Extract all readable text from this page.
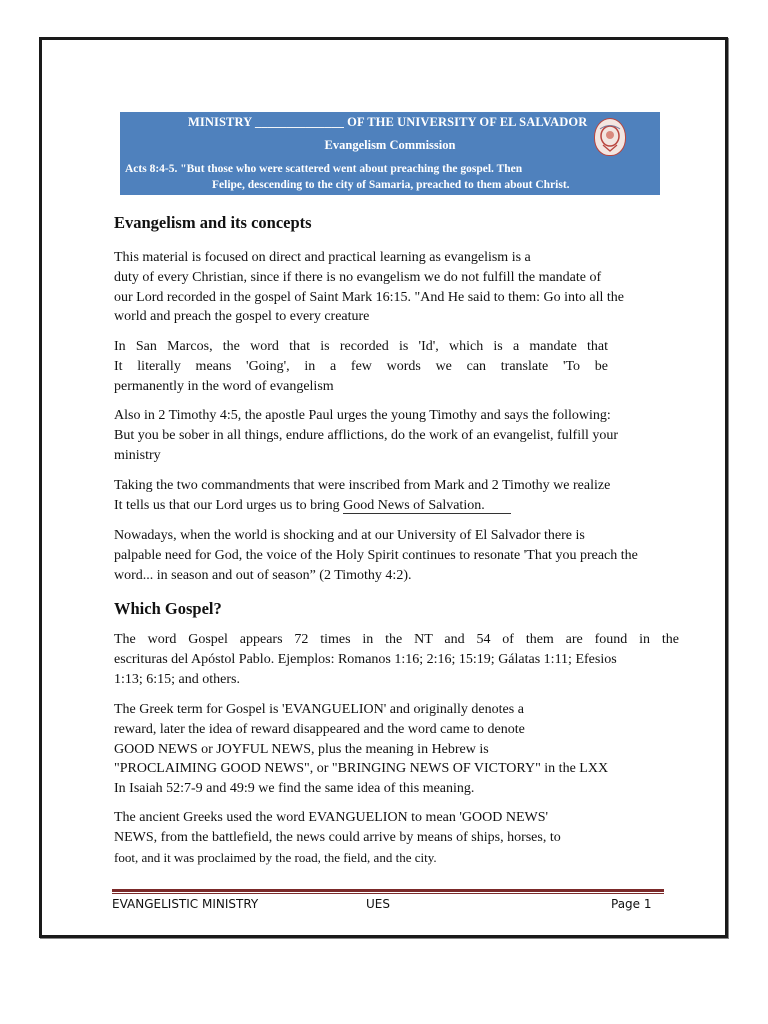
MINISTRY ______________ OF THE UNIVERSITY OF EL SALVADOR
Evangelism Commission
Acts 8:4-5. "But those who were scattered went about preaching the gospel. Then
Felipe, descending to the city of Samaria, preached to them about Christ.
Evangelism and its concepts
This material is focused on direct and practical learning as evangelism is a
duty of every Christian, since if there is no evangelism we do not fulfill the mandate of
our Lord recorded in the gospel of Saint Mark 16:15. "And He said to them: Go into all the
world and preach the gospel to every creature
In San Marcos, the word that is recorded is 'Id', which is a mandate that
It literally means 'Going', in a few words we can translate 'To be
permanently in the word of evangelism
Also in 2 Timothy 4:5, the apostle Paul urges the young Timothy and says the following:
But you be sober in all things, endure afflictions, do the work of an evangelist, fulfill your
ministry
Taking the two commandments that were inscribed from Mark and 2 Timothy we realize
It tells us that our Lord urges us to bring Good News of Salvation.
Nowadays, when the world is shocking and at our University of El Salvador there is
palpable need for God, the voice of the Holy Spirit continues to resonate 'That you preach the
word... in season and out of season” (2 Timothy 4:2).
Which Gospel?
The word Gospel appears 72 times in the NT and 54 of them are found in the
escrituras del Apóstol Pablo. Ejemplos: Romanos 1:16; 2:16; 15:19; Gálatas 1:11; Efesios
1:13; 6:15; and others.
The Greek term for Gospel is 'EVANGUELION' and originally denotes a
reward, later the idea of reward disappeared and the word came to denote
GOOD NEWS or JOYFUL NEWS, plus the meaning in Hebrew is
"PROCLAIMING GOOD NEWS", or "BRINGING NEWS OF VICTORY" in the LXX
In Isaiah 52:7-9 and 49:9 we find the same idea of this meaning.
The ancient Greeks used the word EVANGUELION to mean 'GOOD NEWS'
NEWS, from the battlefield, the news could arrive by means of ships, horses, to
foot, and it was proclaimed by the road, the field, and the city.
EVANGELISTIC MINISTRY	UES	Page 1
